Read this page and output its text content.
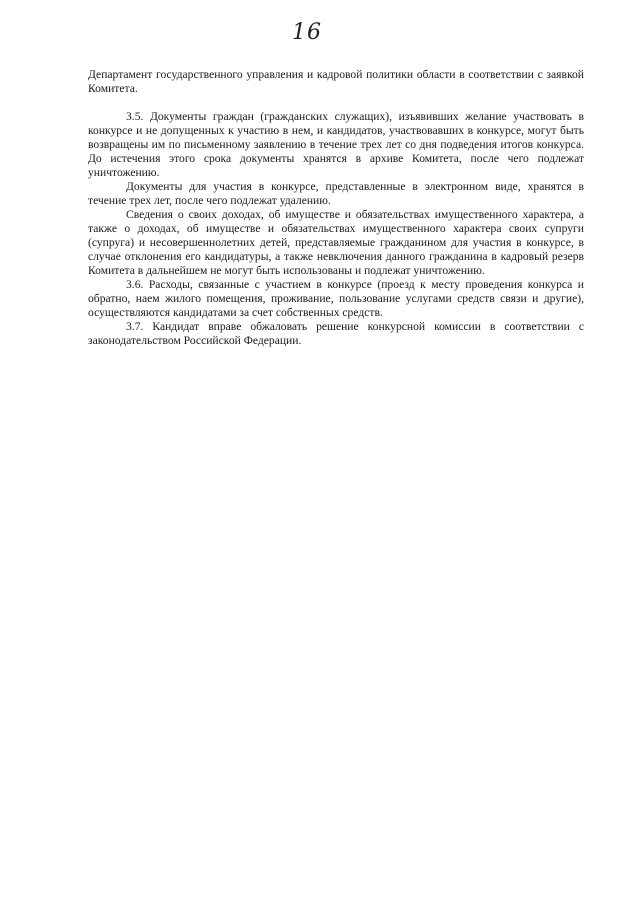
16

Департамент государственного управления и кадровой политики области в соответствии с заявкой Комитета.

3.5. Документы граждан (гражданских служащих), изъявивших желание участвовать в конкурсе и не допущенных к участию в нем, и кандидатов, участвовавших в конкурсе, могут быть возвращены им по письменному заявлению в течение трех лет со дня подведения итогов конкурса. До истечения этого срока документы хранятся в архиве Комитета, после чего подлежат уничтожению.

Документы для участия в конкурсе, представленные в электронном виде, хранятся в течение трех лет, после чего подлежат удалению.

Сведения о своих доходах, об имуществе и обязательствах имущественного характера, а также о доходах, об имуществе и обязательствах имущественного характера своих супруги (супруга) и несовершеннолетних детей, представляемые гражданином для участия в конкурсе, в случае отклонения его кандидатуры, а также невключения данного гражданина в кадровый резерв Комитета в дальнейшем не могут быть использованы и подлежат уничтожению.

3.6. Расходы, связанные с участием в конкурсе (проезд к месту проведения конкурса и обратно, наем жилого помещения, проживание, пользование услугами средств связи и другие), осуществляются кандидатами за счет собственных средств.

3.7. Кандидат вправе обжаловать решение конкурсной комиссии в соответствии с законодательством Российской Федерации.
